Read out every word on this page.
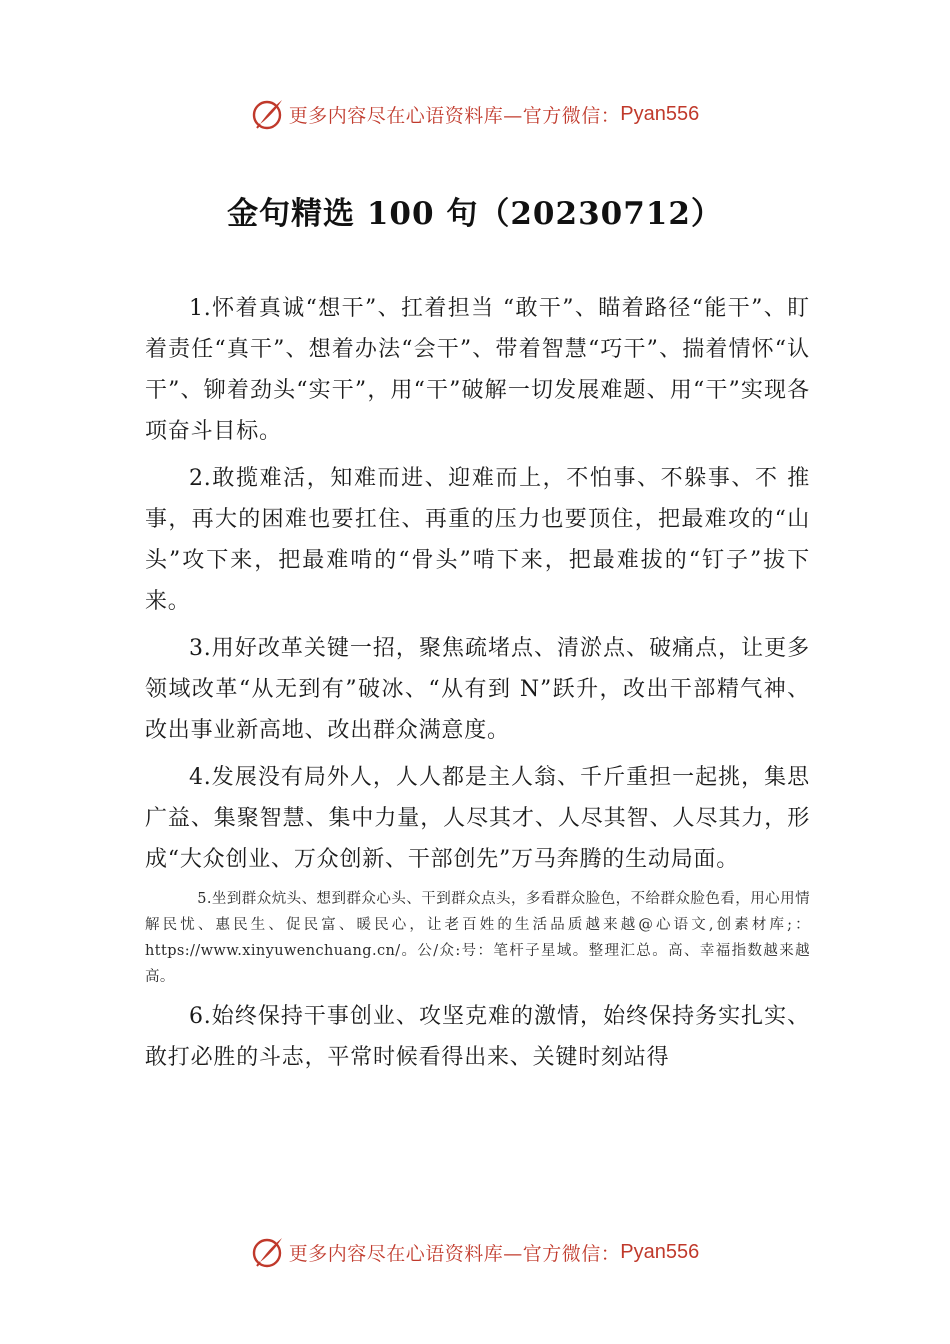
更多内容尽在心语资料库—官方微信： Pyan556
金句精选 100 句（20230712）

1.怀着真诚“想干”、扛着担当 “敢干”、瞄着路径“能干”、盯着责任“真干”、想着办法“会干”、带着智慧“巧干”、揣着情怀“认干”、铆着劲头“实干”，用“干”破解一切发展难题、用“干”实现各项奋斗目标。

2.敢揽难活，知难而进、迎难而上，不怕事、不躲事、不 推事，再大的困难也要扛住、再重的压力也要顶住，把最难攻的“山头”攻下来，把最难啃的“骨头”啃下来，把最难拔的“钉子”拔下来。

3.用好改革关键一招，聚焦疏堵点、清淤点、破痛点，让更多领域改革“从无到有”破冰、“从有到 N”跃升，改出干部精气神、改出事业新高地、改出群众满意度。

4.发展没有局外人，人人都是主人翁、千斤重担一起挑，集思广益、集聚智慧、集中力量，人尽其才、人尽其智、人尽其力，形成“大众创业、万众创新、干部创先”万马奔腾的生动局面。

5.坐到群众炕头、想到群众心头、干到群众点头，多看群众脸色，不给群众脸色看，用心用情解民忧、惠民生、促民富、暖民心，让老百姓的生活品质越来越@心语文,创素材库;：https://www.xinyuwenchuang.cn/。公/众:号：笔杆子星域。整理汇总。高、幸福指数越来越高。

6.始终保持干事创业、攻坚克难的激情，始终保持务实扎实、敢打必胜的斗志，平常时候看得出来、关键时刻站得

更多内容尽在心语资料库—官方微信： Pyan556
